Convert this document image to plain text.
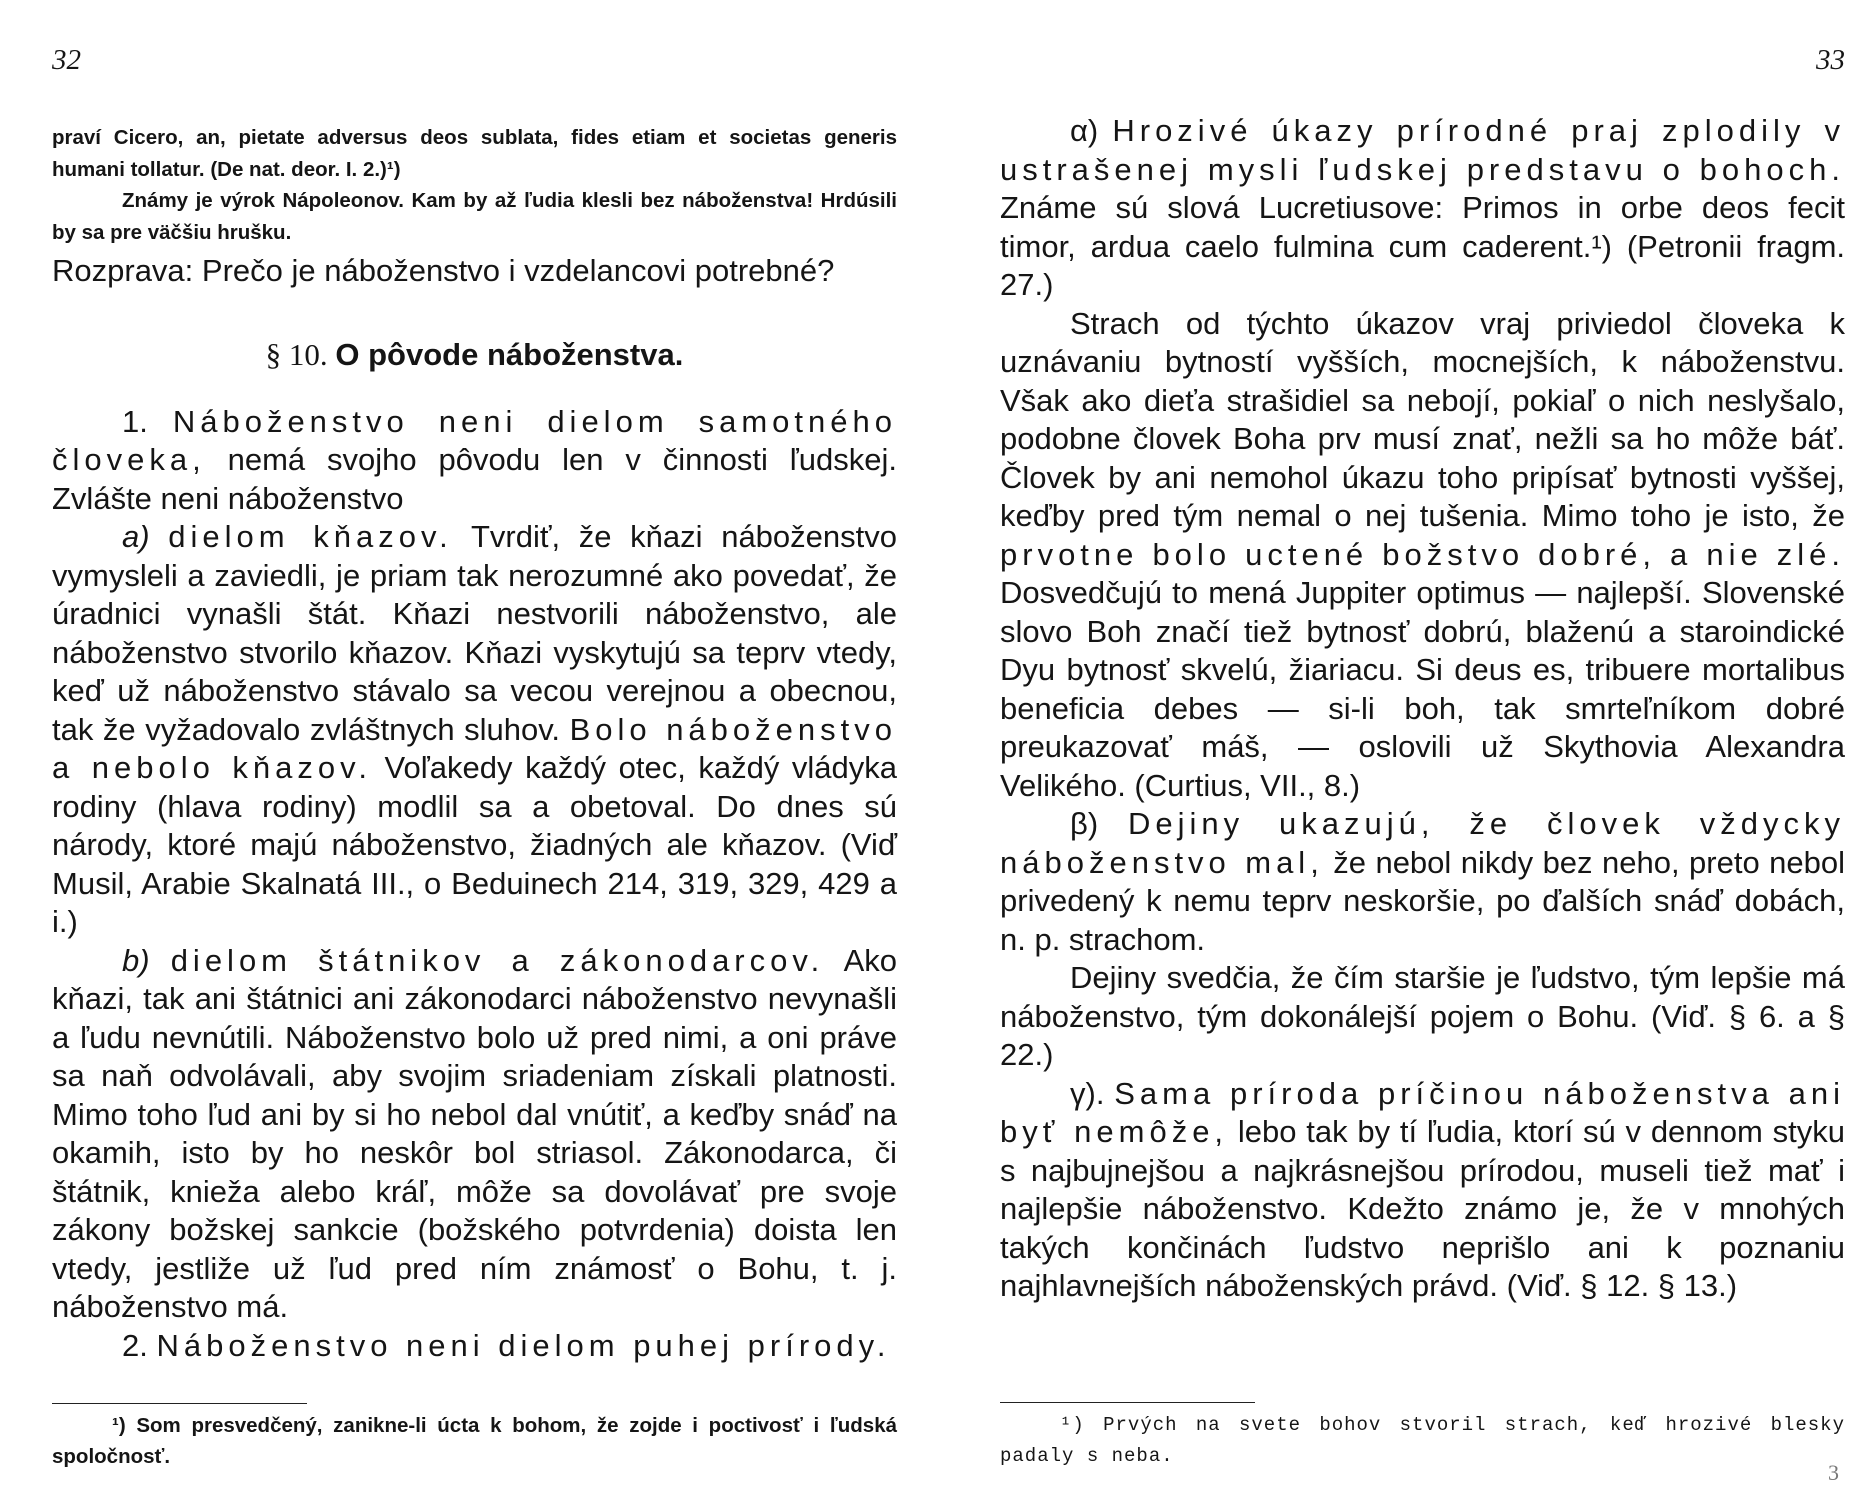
32

praví Cicero, an, pietate adversus deos sublata, fides etiam et societas generis humani tollatur. (De nat. deor. I. 2.)¹)

Známy je výrok Nápoleonov. Kam by až ľudia klesli bez náboženstva! Hrdúsili by sa pre väčšiu hrušku.

Rozprava: Prečo je náboženstvo i vzdelancovi potrebné?

§ 10. O pôvode náboženstva.

1. Náboženstvo neni dielom samotného človeka, nemá svojho pôvodu len v činnosti ľudskej. Zvlášte neni náboženstvo

a) dielom kňazov. Tvrdiť, že kňazi náboženstvo vymysleli a zaviedli, je priam tak nerozumné ako povedať, že úradnici vynašli štát. Kňazi nestvorili náboženstvo, ale náboženstvo stvorilo kňazov. Kňazi vyskytujú sa teprv vtedy, keď už náboženstvo stávalo sa vecou verejnou a obecnou, tak že vyžadovalo zvláštnych sluhov. Bolo náboženstvo a nebolo kňazov. Voľakedy každý otec, každý vládyka rodiny (hlava rodiny) modlil sa a obetoval. Do dnes sú národy, ktoré majú náboženstvo, žiadných ale kňazov. (Viď Musil, Arabie Skalnatá III., o Beduinech 214, 319, 329, 429 a i.)

b) dielom štátnikov a zákonodarcov. Ako kňazi, tak ani štátnici ani zákonodarci náboženstvo nevynašli a ľudu nevnútili. Náboženstvo bolo už pred nimi, a oni práve sa naň odvolávali, aby svojim sriadeniam získali platnosti. Mimo toho ľud ani by si ho nebol dal vnútiť, a keďby snáď na okamih, isto by ho neskôr bol striasol. Zákonodarca, či štátnik, knieža alebo kráľ, môže sa dovolávať pre svoje zákony božskej sankcie (božského potvrdenia) doista len vtedy, jestliže už ľud pred ním známosť o Bohu, t. j. náboženstvo má.

2. Náboženstvo neni dielom puhej prírody.

¹) Som presvedčený, zanikne-li úcta k bohom, že zojde i poctivosť i ľudská spoločnosť.

33

α) Hrozivé úkazy prírodné praj zplodily v ustrašenej mysli ľudskej predstavu o bohoch. Známe sú slová Lucretiusove: Primos in orbe deos fecit timor, ardua caelo fulmina cum caderent.¹) (Petronii fragm. 27.)

Strach od týchto úkazov vraj priviedol človeka k uznávaniu bytností vyšších, mocnejších, k náboženstvu. Však ako dieťa strašidiel sa nebojí, pokiaľ o nich neslyšalo, podobne človek Boha prv musí znať, nežli sa ho môže báť. Človek by ani nemohol úkazu toho pripísať bytnosti vyššej, keďby pred tým nemal o nej tušenia. Mimo toho je isto, že prvotne bolo uctené božstvo dobré, a nie zlé. Dosvedčujú to mená Juppiter optimus — najlepší. Slovenské slovo Boh značí tiež bytnosť dobrú, blaženú a staroindické Dyu bytnosť skvelú, žiariacu. Si deus es, tribuere mortalibus beneficia debes — si-li boh, tak smrteľníkom dobré preukazovať máš, — oslovili už Skythovia Alexandra Velikého. (Curtius, VII., 8.)

β) Dejiny ukazujú, že človek vždycky náboženstvo mal, že nebol nikdy bez neho, preto nebol privedený k nemu teprv neskoršie, po ďalších snáď dobách, n. p. strachom.

Dejiny svedčia, že čím staršie je ľudstvo, tým lepšie má náboženstvo, tým dokonálejší pojem o Bohu. (Viď. § 6. a § 22.)

γ). Sama príroda príčinou náboženstva ani byť nemôže, lebo tak by tí ľudia, ktorí sú v dennom styku s najbujnejšou a najkrásnejšou prírodou, museli tiež mať i najlepšie náboženstvo. Kdežto známo je, že v mnohých takých končinách ľudstvo neprišlo ani k poznaniu najhlavnejších náboženských právd. (Viď. § 12. § 13.)

¹) Prvých na svete bohov stvoril strach, keď hrozivé blesky padaly s neba.

3
